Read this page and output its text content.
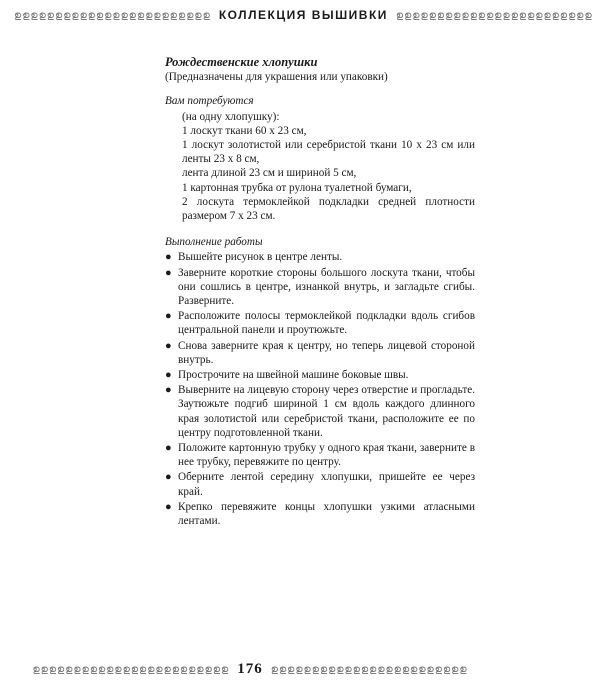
ഉഉഉഉഉഉഉഉഉഉഉഉഉഉഉഉഉഉഉഉഉഉഉഉ КОЛЛЕКЦИЯ ВЫШИВКИ ഉഉഉഉഉഉഉഉഉഉഉഉഉഉഉഉഉഉഉഉഉഉഉഉ

Рождественские хлопушки

(Предназначены для украшения или упаковки)

Вам потребуются

(на одну хлопушку):
1 лоскут ткани 60 x 23 см,
1 лоскут золотистой или серебристой ткани 10 x 23 см или ленты 23 x 8 см,
лента длиной 23 см и шириной 5 см,
1 картонная трубка от рулона туалетной бумаги,
2 лоскута термоклейкой подкладки средней плотности размером 7 x 23 см.

Выполнение работы

● Вышейте рисунок в центре ленты.
● Заверните короткие стороны большого лоскута ткани, чтобы они сошлись в центре, изнанкой внутрь, и загладьте сгибы. Разверните.
● Расположите полосы термоклейкой подкладки вдоль сгибов центральной панели и проутюжьте.
● Снова заверните края к центру, но теперь лицевой стороной внутрь.
● Прострочите на швейной машине боковые швы.
● Выверните на лицевую сторону через отверстие и прогладьте. Заутюжьте подгиб шириной 1 см вдоль каждого длинного края золотистой или серебристой ткани, расположите ее по центру подготовленной ткани.
● Положите картонную трубку у одного края ткани, заверните в нее трубку, перевяжите по центру.
● Оберните лентой середину хлопушки, пришейте ее через край.
● Крепко перевяжите концы хлопушки узкими атласными лентами.
ഉഉഉഉഉഉഉഉഉഉഉഉഉഉഉഉഉഉഉഉഉഉഉഉ 176 ഉഉഉഉഉഉഉഉഉഉഉഉഉഉഉഉഉഉഉഉഉഉഉഉ
